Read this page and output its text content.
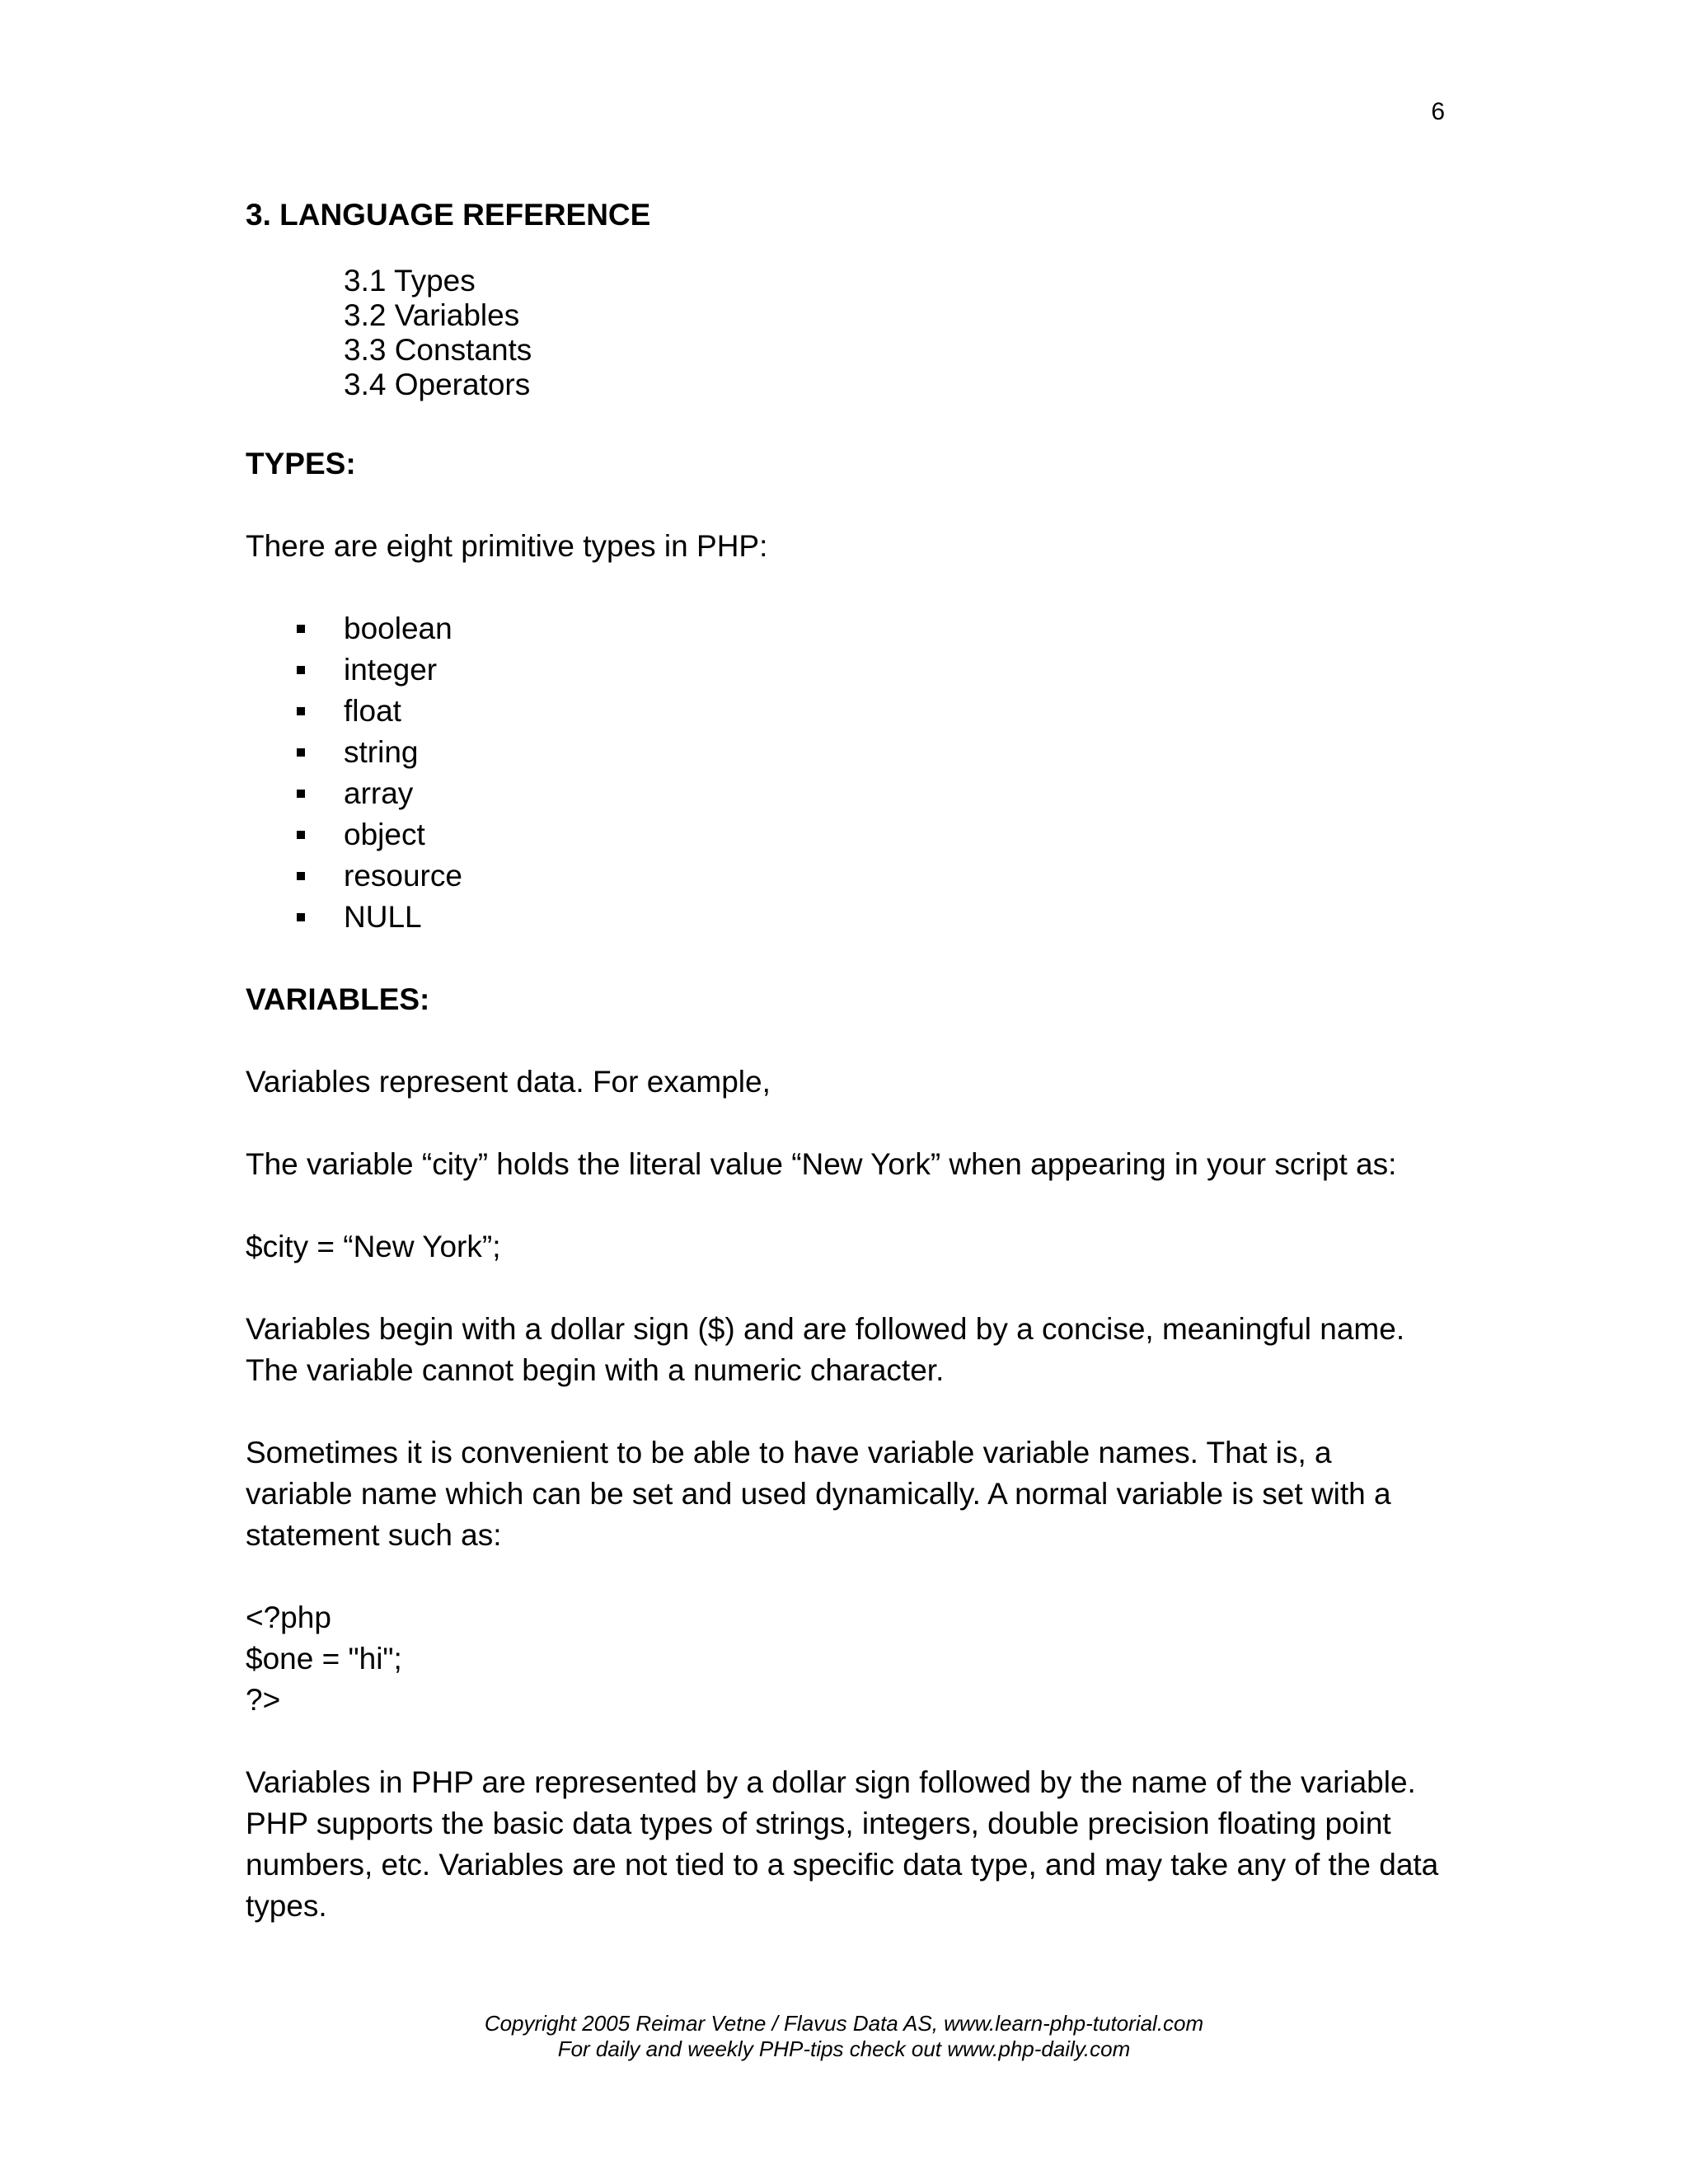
6

3. LANGUAGE REFERENCE

3.1 Types
3.2 Variables
3.3 Constants
3.4 Operators

TYPES:

There are eight primitive types in PHP:

boolean
integer
float
string
array
object
resource
NULL

VARIABLES:

Variables represent data. For example,

The variable “city” holds the literal value “New York” when appearing in your script as:

$city = “New York”;

Variables begin with a dollar sign ($) and are followed by a concise, meaningful name.
The variable cannot begin with a numeric character.
Sometimes it is convenient to be able to have variable variable names. That is, a
variable name which can be set and used dynamically. A normal variable is set with a
statement such as:
<?php
$one = "hi";
?>
Variables in PHP are represented by a dollar sign followed by the name of the variable.
PHP supports the basic data types of strings, integers, double precision floating point
numbers, etc. Variables are not tied to a specific data type, and may take any of the data
types.
Copyright 2005 Reimar Vetne / Flavus Data AS, www.learn-php-tutorial.com
For daily and weekly PHP-tips check out www.php-daily.com
